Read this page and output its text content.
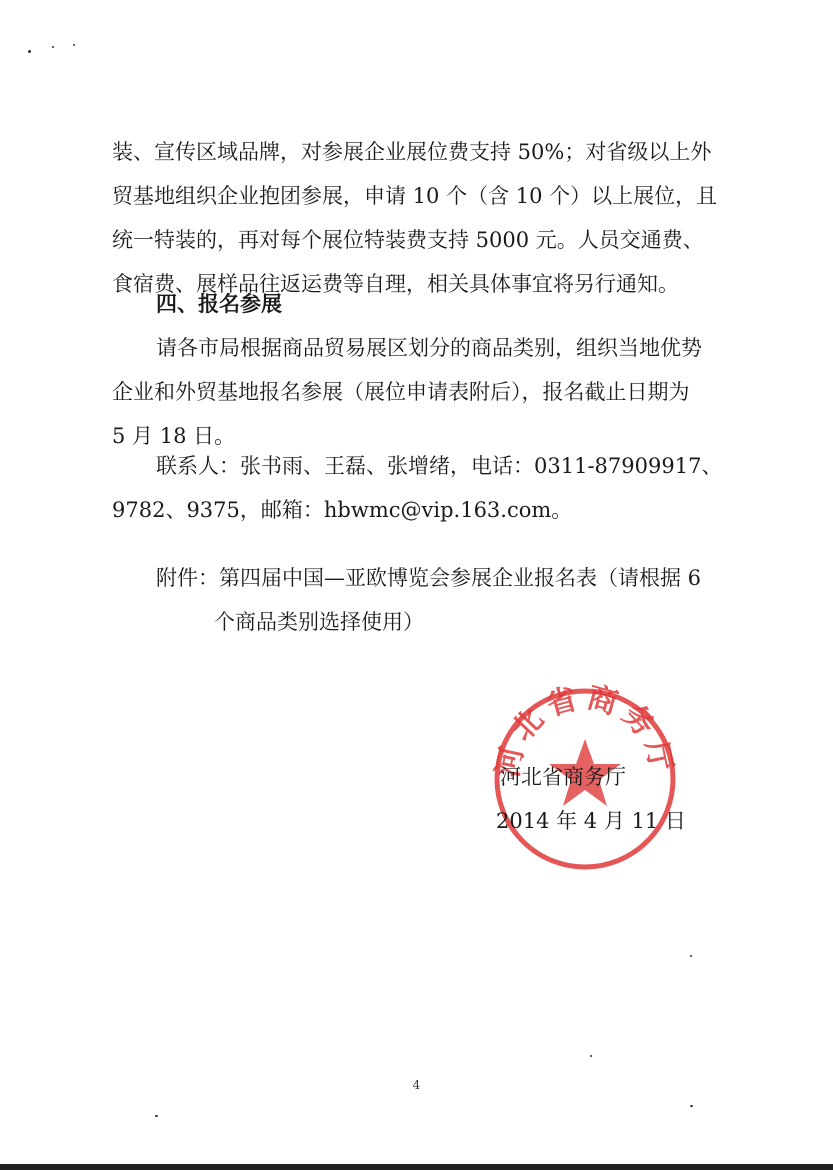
装、宣传区域品牌，对参展企业展位费支持 50%；对省级以上外
贸基地组织企业抱团参展，申请 10 个（含 10 个）以上展位，且
统一特装的，再对每个展位特装费支持 5000 元。人员交通费、
食宿费、展样品往返运费等自理，相关具体事宜将另行通知。
四、报名参展
请各市局根据商品贸易展区划分的商品类别，组织当地优势
企业和外贸基地报名参展（展位申请表附后），报名截止日期为
5 月 18 日。
联系人：张书雨、王磊、张增绪，电话：0311-87909917、
9782、9375，邮箱：hbwmc@vip.163.com。
附件：第四届中国—亚欧博览会参展企业报名表（请根据 6
个商品类别选择使用）
河北省商务厅
河北省商务厅
2014 年 4 月 11 日
4
